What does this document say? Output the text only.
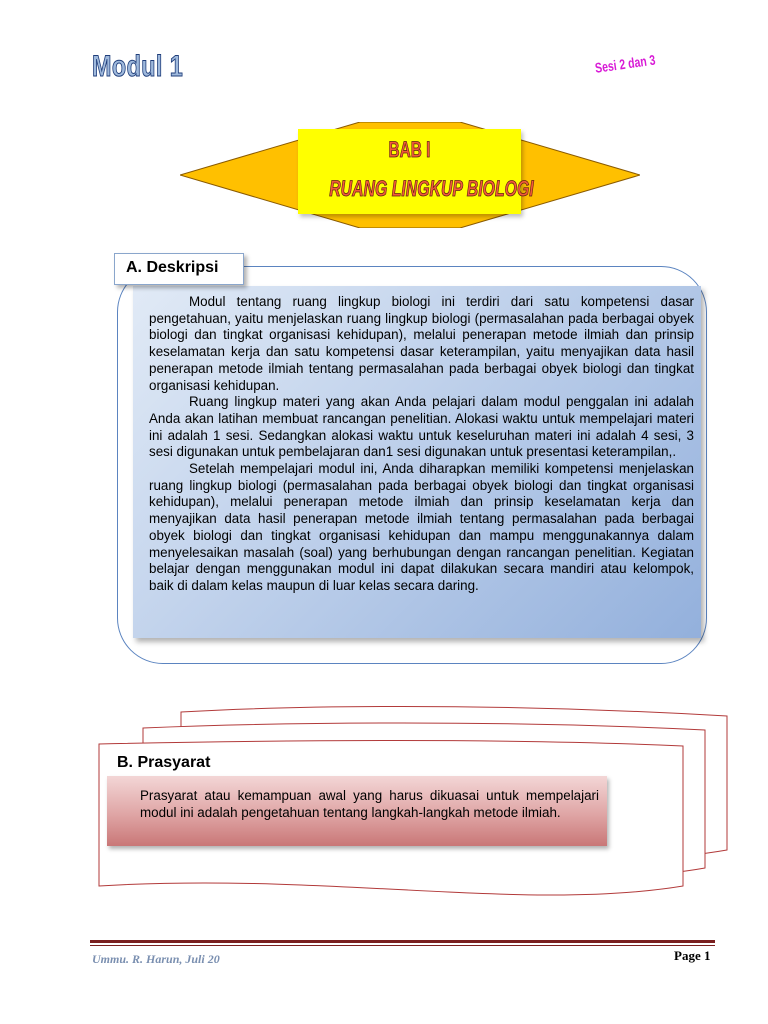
Modul 1	Sesi 2 dan 3
BAB I
RUANG LINGKUP BIOLOGI
A. Deskripsi

Modul tentang ruang lingkup biologi ini terdiri dari satu kompetensi dasar pengetahuan, yaitu menjelaskan ruang lingkup biologi (permasalahan pada berbagai obyek biologi dan tingkat organisasi kehidupan), melalui penerapan metode ilmiah dan prinsip keselamatan kerja dan satu kompetensi dasar keterampilan, yaitu menyajikan data hasil penerapan metode ilmiah tentang permasalahan pada berbagai obyek biologi dan tingkat organisasi kehidupan.

Ruang lingkup materi yang akan Anda pelajari dalam modul penggalan ini adalah Anda akan latihan membuat rancangan penelitian. Alokasi waktu untuk mempelajari materi ini adalah 1 sesi. Sedangkan alokasi waktu untuk keseluruhan materi ini adalah 4 sesi, 3 sesi digunakan untuk pembelajaran dan1 sesi digunakan untuk presentasi keterampilan,.

Setelah mempelajari modul ini, Anda diharapkan memiliki kompetensi menjelaskan ruang lingkup biologi (permasalahan pada berbagai obyek biologi dan tingkat organisasi kehidupan), melalui penerapan metode ilmiah dan prinsip keselamatan kerja dan menyajikan data hasil penerapan metode ilmiah tentang permasalahan pada berbagai obyek biologi dan tingkat organisasi kehidupan dan mampu menggunakannya dalam menyelesaikan masalah (soal) yang berhubungan dengan rancangan penelitian. Kegiatan belajar dengan menggunakan modul ini dapat dilakukan secara mandiri atau kelompok, baik di dalam kelas maupun di luar kelas secara daring.

B. Prasyarat
Prasyarat atau kemampuan awal yang harus dikuasai untuk mempelajari modul ini adalah pengetahuan tentang langkah-langkah metode ilmiah.
Ummu. R. Harun, Juli 20	Page 1
